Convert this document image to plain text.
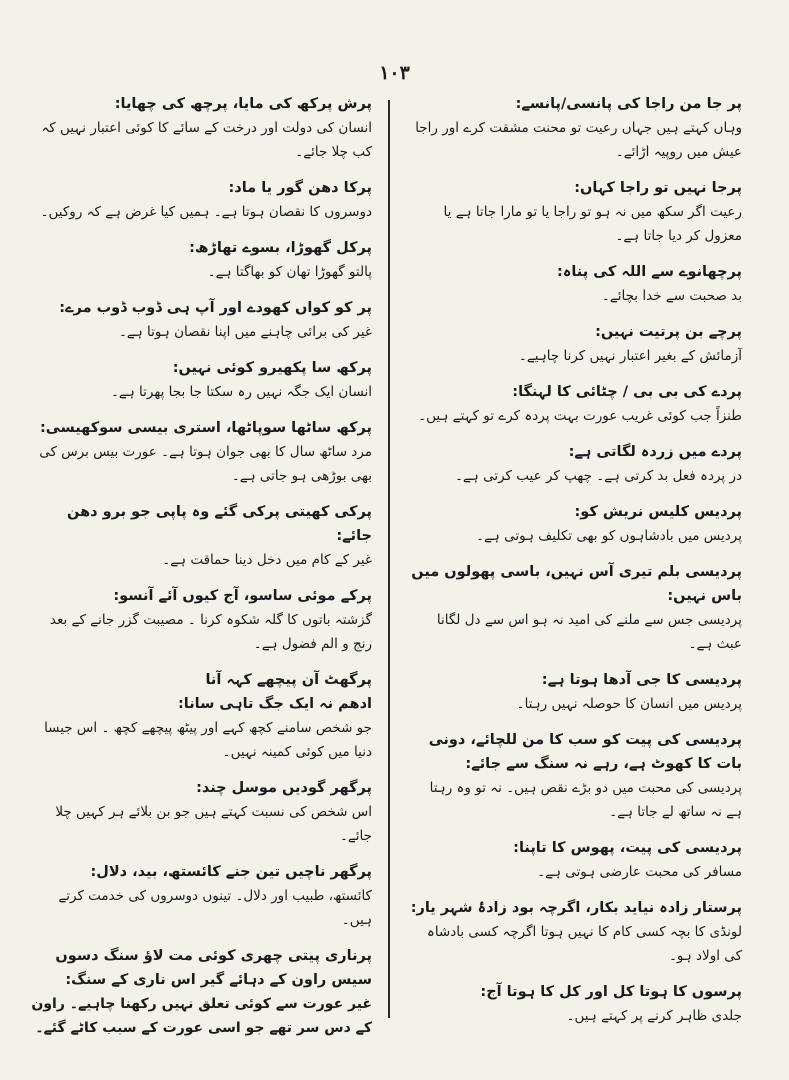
۱۰۳
پر جا من راجا کی پانسی/پانسے:
وہاں کہتے ہیں جہاں رعیت تو محنت مشقت کرے اور راجا عیش میں روپیہ اڑائے۔
پرجا نہیں تو راجا کہاں:
رعیت اگر سکھ میں نہ ہو تو راجا یا تو مارا جاتا ہے یا معزول کر دیا جاتا ہے۔
پرچھانوے سے اللہ کی پناہ:
بد صحبت سے خدا بچائے۔
پرچے بن پرتیت نہیں:
آزمائش کے بغیر اعتبار نہیں کرنا چاہیے۔
پردے کی بی بی / چٹائی کا لہنگا:
طنزاً جب کوئی غریب عورت بہت پردہ کرے تو کہتے ہیں۔
پردے میں زردہ لگاتی ہے:
در پردہ فعل بد کرتی ہے۔ چھپ کر عیب کرتی ہے۔
پردیس کلیس نریش کو:
پردیس میں بادشاہوں کو بھی تکلیف ہوتی ہے۔
پردیسی بلم تیری آس نہیں، باسی پھولوں میں باس نہیں:
پردیسی جس سے ملنے کی امید نہ ہو اس سے دل لگانا عبث ہے۔
پردیسی کا جی آدھا ہوتا ہے:
پردیس میں انسان کا حوصلہ نہیں رہتا۔
پردیسی کی پیت کو سب کا من للچائے، دونی بات کا کھوٹ ہے، رہے نہ سنگ سے جائے:
پردیسی کی محبت میں دو بڑے نقص ہیں۔ نہ تو وہ رہتا ہے نہ ساتھ لے جاتا ہے۔
پردیسی کی پیت، پھوس کا تاپنا:
مسافر کی محبت عارضی ہوتی ہے۔
پرستار زادہ نیاید بکار، اگرچہ بود زادۂ شہر یار:
لونڈی کا بچہ کسی کام کا نہیں ہوتا اگرچہ کسی بادشاہ کی اولاد ہو۔
پرسوں کا ہوتا کل اور کل کا ہوتا آج:
جلدی ظاہر کرنے پر کہتے ہیں۔
پرش پرکھ کی مایا، پرچھ کی چھایا:
انسان کی دولت اور درخت کے سائے کا کوئی اعتبار نہیں کہ کب چلا جائے۔
پرکا دھن گور یا ماد:
دوسروں کا نقصان ہوتا ہے۔ ہمیں کیا غرض ہے کہ روکیں۔
پرکل گھوڑا، بسوے تھاڑھ:
پالتو گھوڑا تھان کو بھاگتا ہے۔
پر کو کواں کھودے اور آپ ہی ڈوب ڈوب مرے:
غیر کی برائی چاہنے میں اپنا نقصان ہوتا ہے۔
پرکھ سا پکھیرو کوئی نہیں:
انسان ایک جگہ نہیں رہ سکتا جا بجا پھرتا ہے۔
پرکھ ساٹھا سوپاٹھا، استری بیسی سوکھیسی:
مرد ساٹھ سال کا بھی جوان ہوتا ہے۔ عورت بیس برس کی بھی بوڑھی ہو جاتی ہے۔
پرکی کھیتی پرکی گئے وہ پاپی جو برو دھن جائے:
غیر کے کام میں دخل دینا حماقت ہے۔
پرکے موئی ساسو، آج کیوں آئے آنسو:
گزشتہ باتوں کا گلہ شکوہ کرنا ۔ مصیبت گزر جانے کے بعد رنج و الم فضول ہے۔
پرگھٹ آن پیچھے کہہ آنا
ادھم نہ ایک جگ تاہی سانا:
جو شخص سامنے کچھ کہے اور پیٹھ پیچھے کچھ ۔ اس جیسا دنیا میں کوئی کمینہ نہیں۔
پرگھر گودیں موسل چند:
اس شخص کی نسبت کہتے ہیں جو بن بلائے ہر کہیں چلا جائے۔
پرگھر ناچیں تین جنے کائستھ، بید، دلال:
کائستھ، طبیب اور دلال۔ تینوں دوسروں کی خدمت کرتے ہیں۔
پرناری پیتی چھری کوئی مت لاؤ سنگ دسوں سیس راون کے دہائے گیر اس ناری کے سنگ:
غیر عورت سے کوئی تعلق نہیں رکھنا چاہیے۔ راون کے دس سر تھے جو اسی عورت کے سبب کاٹے گئے۔
